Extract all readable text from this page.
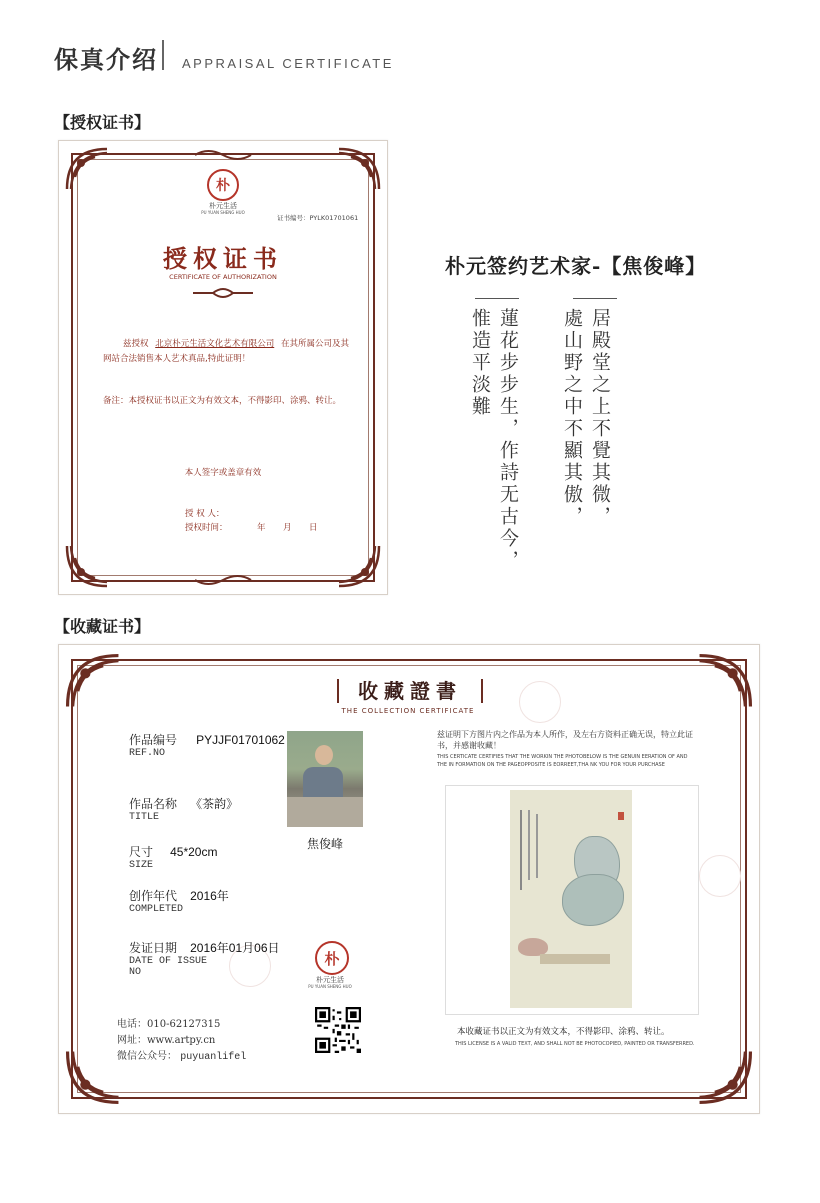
保真介绍 APPRAISAL CERTIFICATE
【授权证书】
朴
朴元生活
PU YUAN SHENG HUO
证书编号：PYLK01701061
授权证书
CERTIFICATE OF AUTHORIZATION
兹授权 北京朴元生活文化艺术有限公司 在其所属公司及其网站合法销售本人艺术真品,特此证明！
备注：本授权证书以正文为有效文本，不得影印、涂鸦、转让。
本人签字或盖章有效
授 权 人：
授权时间：	年 月 日
朴元签约艺术家-【焦俊峰】
居殿堂之上不覺其微，
處山野之中不顯其傲，
蓮花步步生，作詩无古今，
惟造平淡難
【收藏证书】
收藏證書
THE COLLECTION CERTIFICATE
作品编号 PYJJF01701062
REF.NO
作品名称 《茶韵》
TITLE
尺寸 45*20cm
SIZE
创作年代 2016年
COMPLETED
发证日期 2016年01月06日
DATE OF ISSUE
NO
焦俊峰
朴
朴元生活
PU YUAN SHENG HUO
电话：010-62127315
网址：www.artpy.cn
微信公众号： puyuanlifel
兹证明下方图片内之作品为本人所作，及左右方资料正确无误，特立此证书，并感谢收藏！
THIS CERTICATE CERTIFIES THAT THE WORKIN THE PHOTOBELOW IS THE GENUIN EERATION OF AND THE IN FORMATION ON THE PAGEOPPOSITE IS EORREET,THA NK YOU FOR YOUR PURCHASE
本收藏证书以正文为有效文本，不得影印、涂鸦、转让。
THIS LICENSE IS A VALID TEXT, AND SHALL NOT BE PHOTOCOPIED, PAINTED OR TRANSFERRED.
